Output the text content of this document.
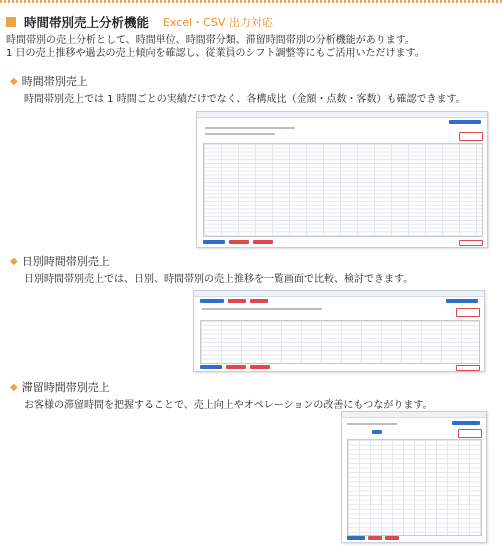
時間帯別売上分析機能 Excel・CSV 出力対応
時間帯別の売上分析として、時間単位、時間帯分類、滞留時間帯別の分析機能があります。
1 日の売上推移や過去の売上傾向を確認し、従業員のシフト調整等にもご活用いただけます。
◆ 時間帯別売上
時間帯別売上では 1 時間ごとの実績だけでなく、各構成比（金額・点数・客数）も確認できます。
◆ 日別時間帯別売上
日別時間帯別売上では、日別、時間帯別の売上推移を一覧画面で比較、検討できます。
◆ 滞留時間帯別売上
お客様の滞留時間を把握することで、売上向上やオペレーションの改善にもつながります。
